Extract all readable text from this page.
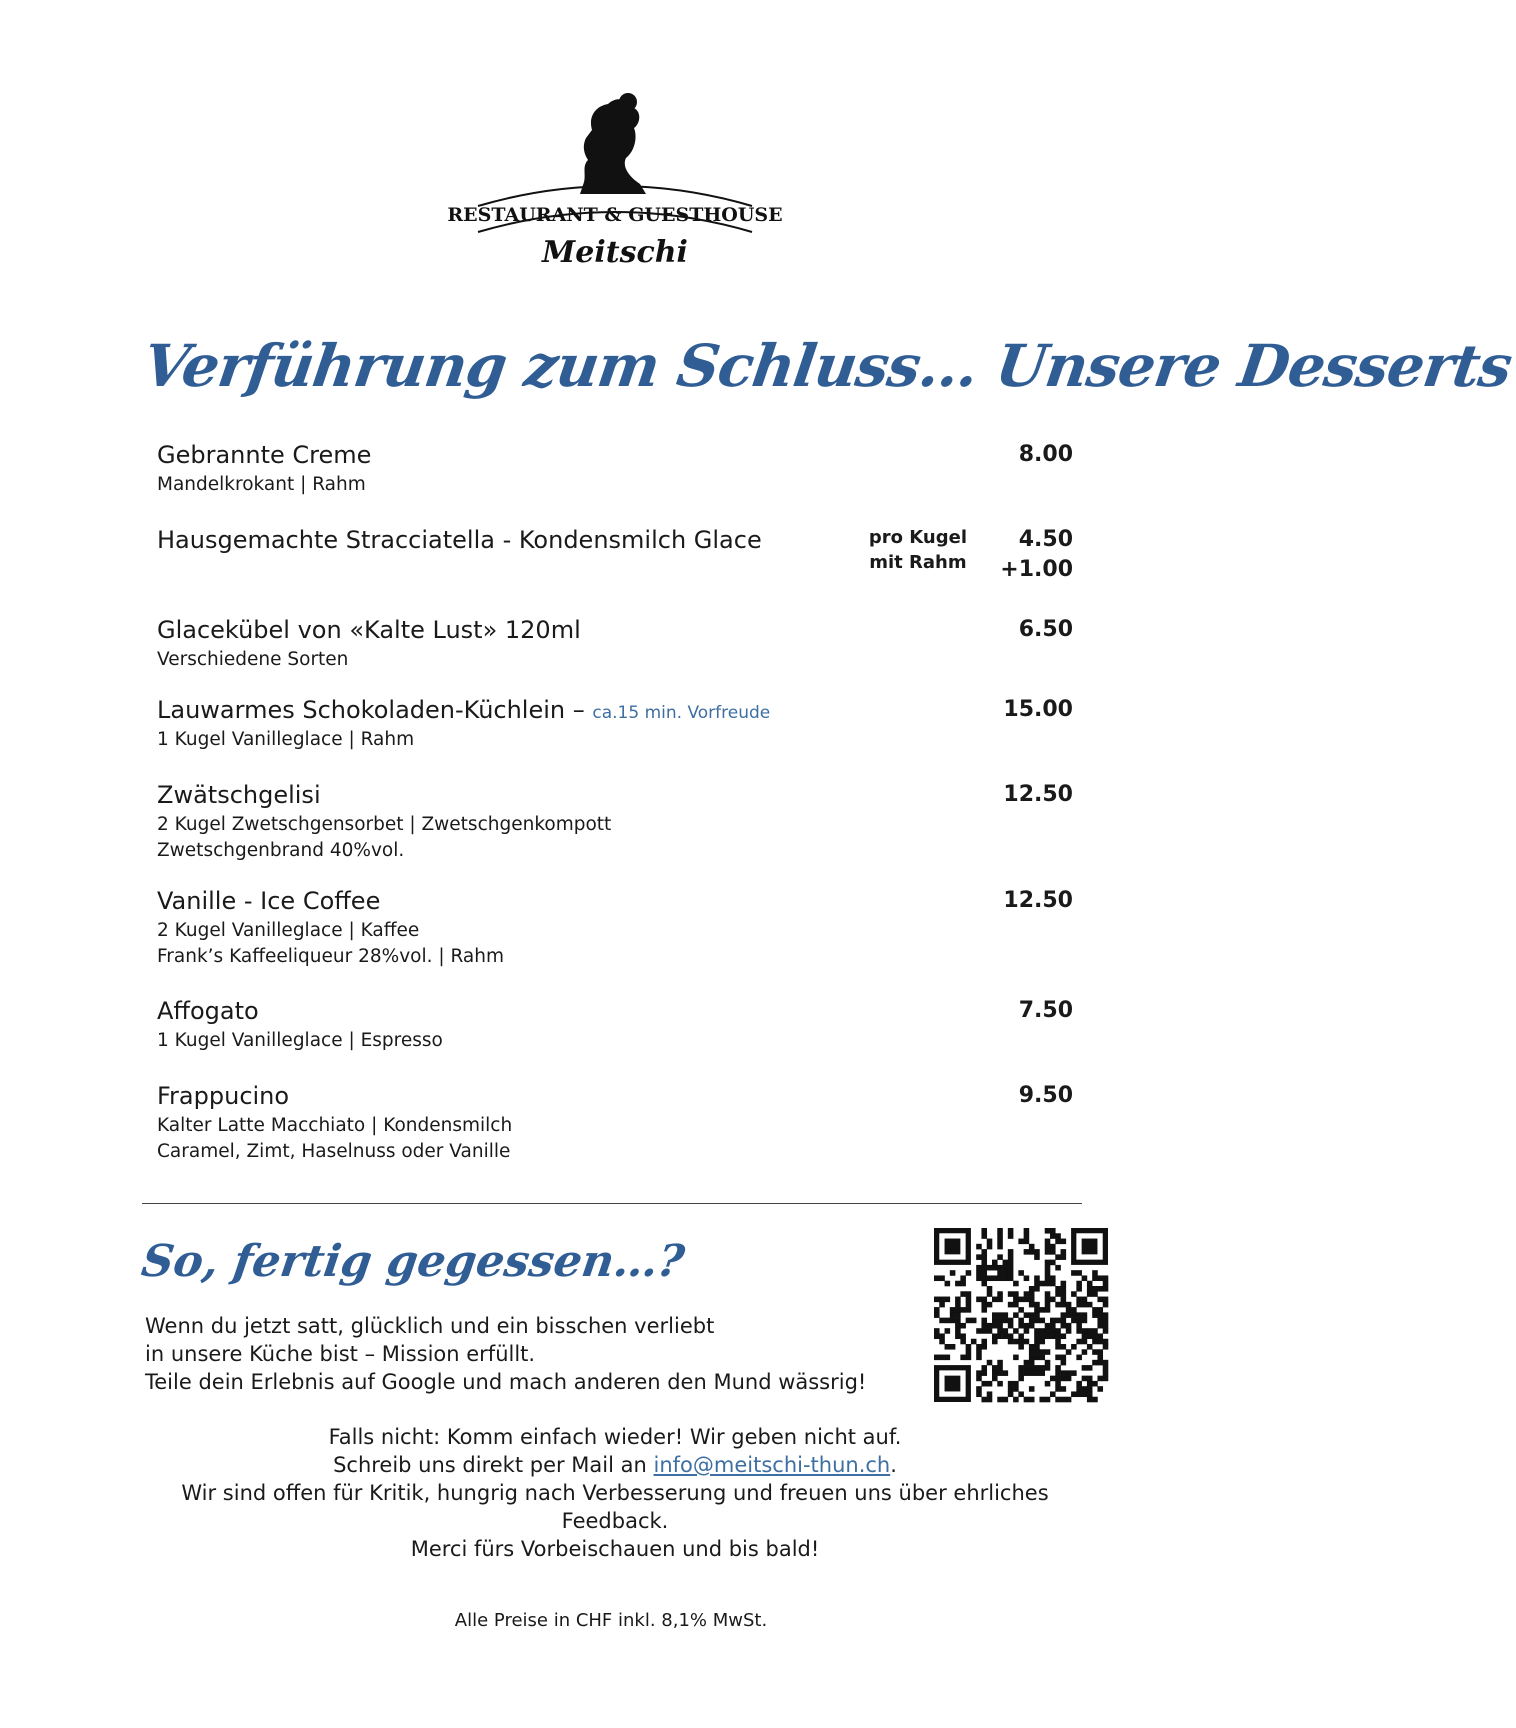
RESTAURANT & GUESTHOUSE
Meitschi
Verführung zum Schluss... Unsere Desserts
Gebrannte Creme
Mandelkrokant | Rahm
8.00
Hausgemachte Stracciatella - Kondensmilch Glace	pro Kugel
mit Rahm
4.50
+1.00
Glacekübel von «Kalte Lust» 120ml
Verschiedene Sorten
6.50
Lauwarmes Schokoladen-Küchlein – ca.15 min. Vorfreude
1 Kugel Vanilleglace | Rahm
15.00
Zwätschgelisi
2 Kugel Zwetschgensorbet | Zwetschgenkompott
Zwetschgenbrand 40%vol.
12.50
Vanille - Ice Coffee
2 Kugel Vanilleglace | Kaffee
Frank’s Kaffeeliqueur 28%vol. | Rahm
12.50
Affogato
1 Kugel Vanilleglace | Espresso
7.50
Frappucino
Kalter Latte Macchiato | Kondensmilch
Caramel, Zimt, Haselnuss oder Vanille
9.50
So, fertig gegessen…?
Wenn du jetzt satt, glücklich und ein bisschen verliebt
in unsere Küche bist – Mission erfüllt.
Teile dein Erlebnis auf Google und mach anderen den Mund wässrig!
Falls nicht: Komm einfach wieder! Wir geben nicht auf.
Schreib uns direkt per Mail an info@meitschi-thun.ch.
Wir sind offen für Kritik, hungrig nach Verbesserung und freuen uns über ehrliches Feedback.
Merci fürs Vorbeischauen und bis bald!
Alle Preise in CHF inkl. 8,1% MwSt.
